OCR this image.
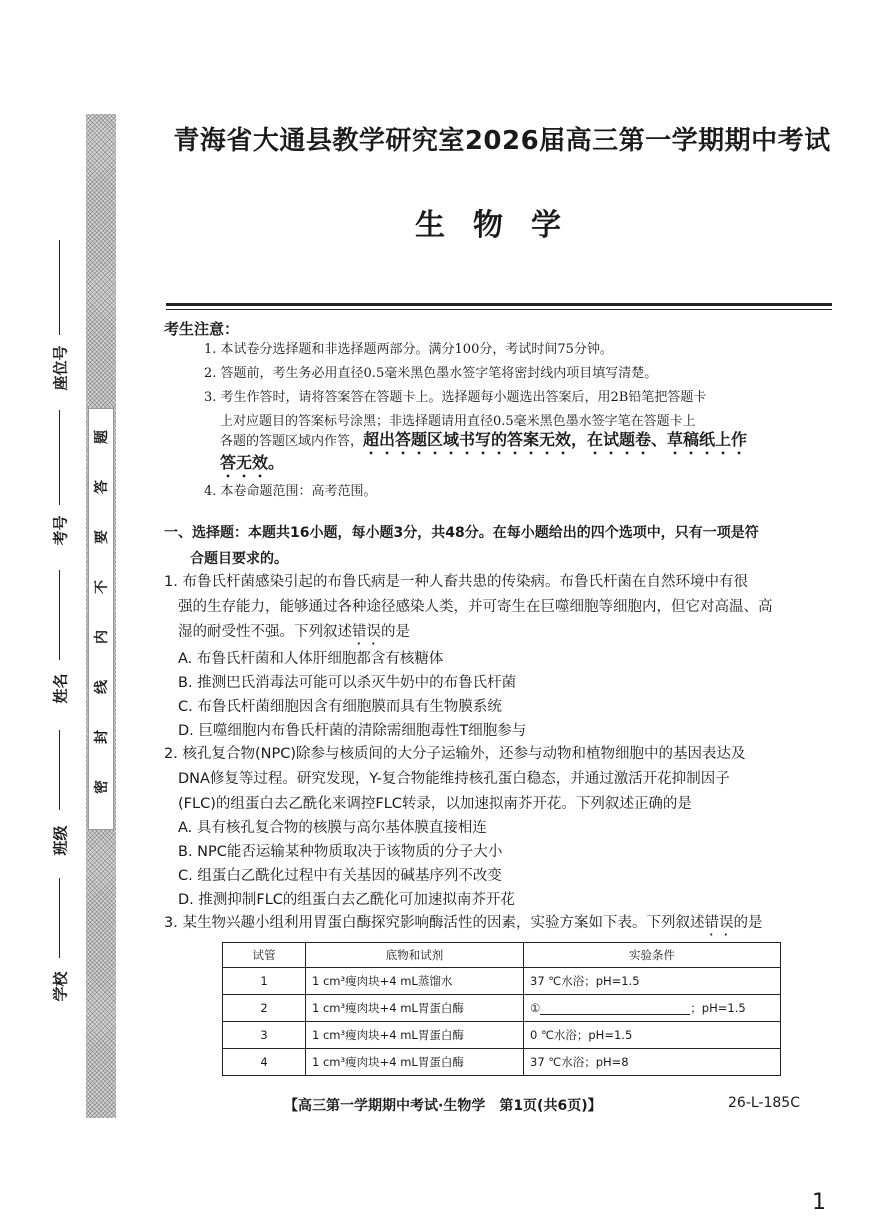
密
封
线
内
不
要
答
题
座位号
考号
姓名
班级
学校
青海省大通县教学研究室2026届高三第一学期期中考试
生物学
考生注意：
1. 本试卷分选择题和非选择题两部分。满分100分，考试时间75分钟。
2. 答题前，考生务必用直径0.5毫米黑色墨水签字笔将密封线内项目填写清楚。
3. 考生作答时，请将答案答在答题卡上。选择题每小题选出答案后，用2B铅笔把答题卡
上对应题目的答案标号涂黑；非选择题请用直径0.5毫米黑色墨水签字笔在答题卡上
各题的答题区域内作答，超出答题区域书写的答案无效，在试题卷、草稿纸上作
答无效。
4. 本卷命题范围：高考范围。
一、选择题：本题共16小题，每小题3分，共48分。在每小题给出的四个选项中，只有一项是符
合题目要求的。
1. 布鲁氏杆菌感染引起的布鲁氏病是一种人畜共患的传染病。布鲁氏杆菌在自然环境中有很
强的生存能力，能够通过各种途径感染人类，并可寄生在巨噬细胞等细胞内，但它对高温、高
湿的耐受性不强。下列叙述错误的是
A. 布鲁氏杆菌和人体肝细胞都含有核糖体
B. 推测巴氏消毒法可能可以杀灭牛奶中的布鲁氏杆菌
C. 布鲁氏杆菌细胞因含有细胞膜而具有生物膜系统
D. 巨噬细胞内布鲁氏杆菌的清除需细胞毒性T细胞参与
2. 核孔复合物(NPC)除参与核质间的大分子运输外，还参与动物和植物细胞中的基因表达及
DNA修复等过程。研究发现，Y-复合物能维持核孔蛋白稳态，并通过激活开花抑制因子
(FLC)的组蛋白去乙酰化来调控FLC转录，以加速拟南芥开花。下列叙述正确的是
A. 具有核孔复合物的核膜与高尔基体膜直接相连
B. NPC能否运输某种物质取决于该物质的分子大小
C. 组蛋白乙酰化过程中有关基因的碱基序列不改变
D. 推测抑制FLC的组蛋白去乙酰化可加速拟南芥开花
3. 某生物兴趣小组利用胃蛋白酶探究影响酶活性的因素，实验方案如下表。下列叙述错误的是
试管	底物和试剂	实验条件
1	1 cm³瘦肉块+4 mL蒸馏水	37 ℃水浴；pH=1.5
2	1 cm³瘦肉块+4 mL胃蛋白酶	① ；pH=1.5
3	1 cm³瘦肉块+4 mL胃蛋白酶	0 ℃水浴；pH=1.5
4	1 cm³瘦肉块+4 mL胃蛋白酶	37 ℃水浴；pH=8
【高三第一学期期中考试·生物学　第1页(共6页)】	26-L-185C
1
